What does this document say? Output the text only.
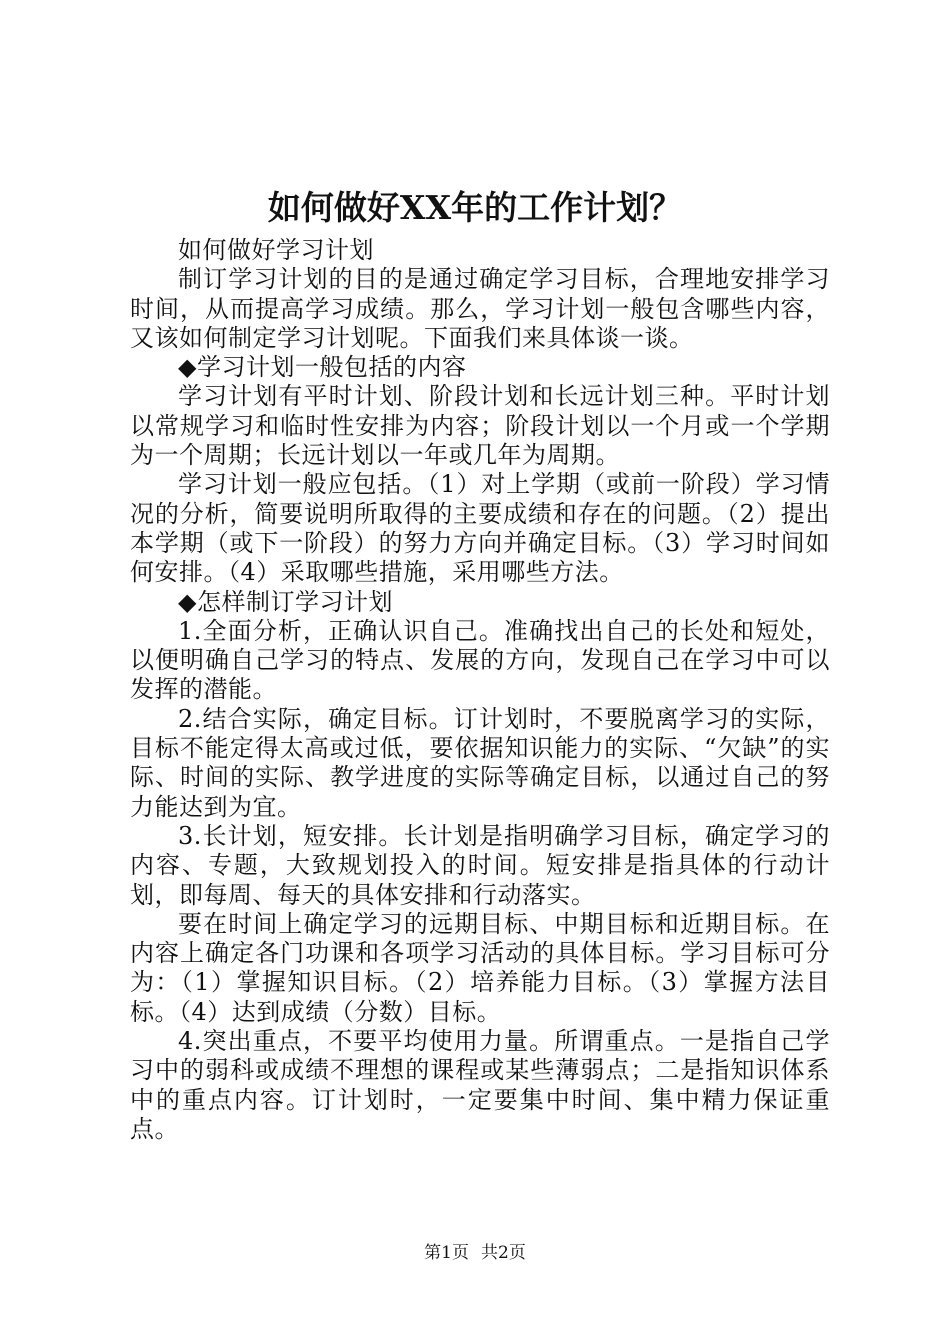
如何做好XX年的工作计划？

如何做好学习计划

制订学习计划的目的是通过确定学习目标，合理地安排学习时间，从而提高学习成绩。那么，学习计划一般包含哪些内容，又该如何制定学习计划呢。下面我们来具体谈一谈。

◆学习计划一般包括的内容

学习计划有平时计划、阶段计划和长远计划三种。平时计划以常规学习和临时性安排为内容；阶段计划以一个月或一个学期为一个周期；长远计划以一年或几年为周期。

学习计划一般应包括。（1）对上学期（或前一阶段）学习情况的分析，简要说明所取得的主要成绩和存在的问题。（2）提出本学期（或下一阶段）的努力方向并确定目标。（3）学习时间如何安排。（4）采取哪些措施，采用哪些方法。

◆怎样制订学习计划

1.全面分析，正确认识自己。准确找出自己的长处和短处，以便明确自己学习的特点、发展的方向，发现自己在学习中可以发挥的潜能。

2.结合实际，确定目标。订计划时，不要脱离学习的实际，目标不能定得太高或过低，要依据知识能力的实际、“欠缺”的实际、时间的实际、教学进度的实际等确定目标，以通过自己的努力能达到为宜。

3.长计划，短安排。长计划是指明确学习目标，确定学习的内容、专题，大致规划投入的时间。短安排是指具体的行动计划，即每周、每天的具体安排和行动落实。

要在时间上确定学习的远期目标、中期目标和近期目标。在内容上确定各门功课和各项学习活动的具体目标。学习目标可分为：（1）掌握知识目标。（2）培养能力目标。（3）掌握方法目标。（4）达到成绩（分数）目标。

4.突出重点，不要平均使用力量。所谓重点。一是指自己学习中的弱科或成绩不理想的课程或某些薄弱点；二是指知识体系中的重点内容。订计划时，一定要集中时间、集中精力保证重点。

第1页 共2页
